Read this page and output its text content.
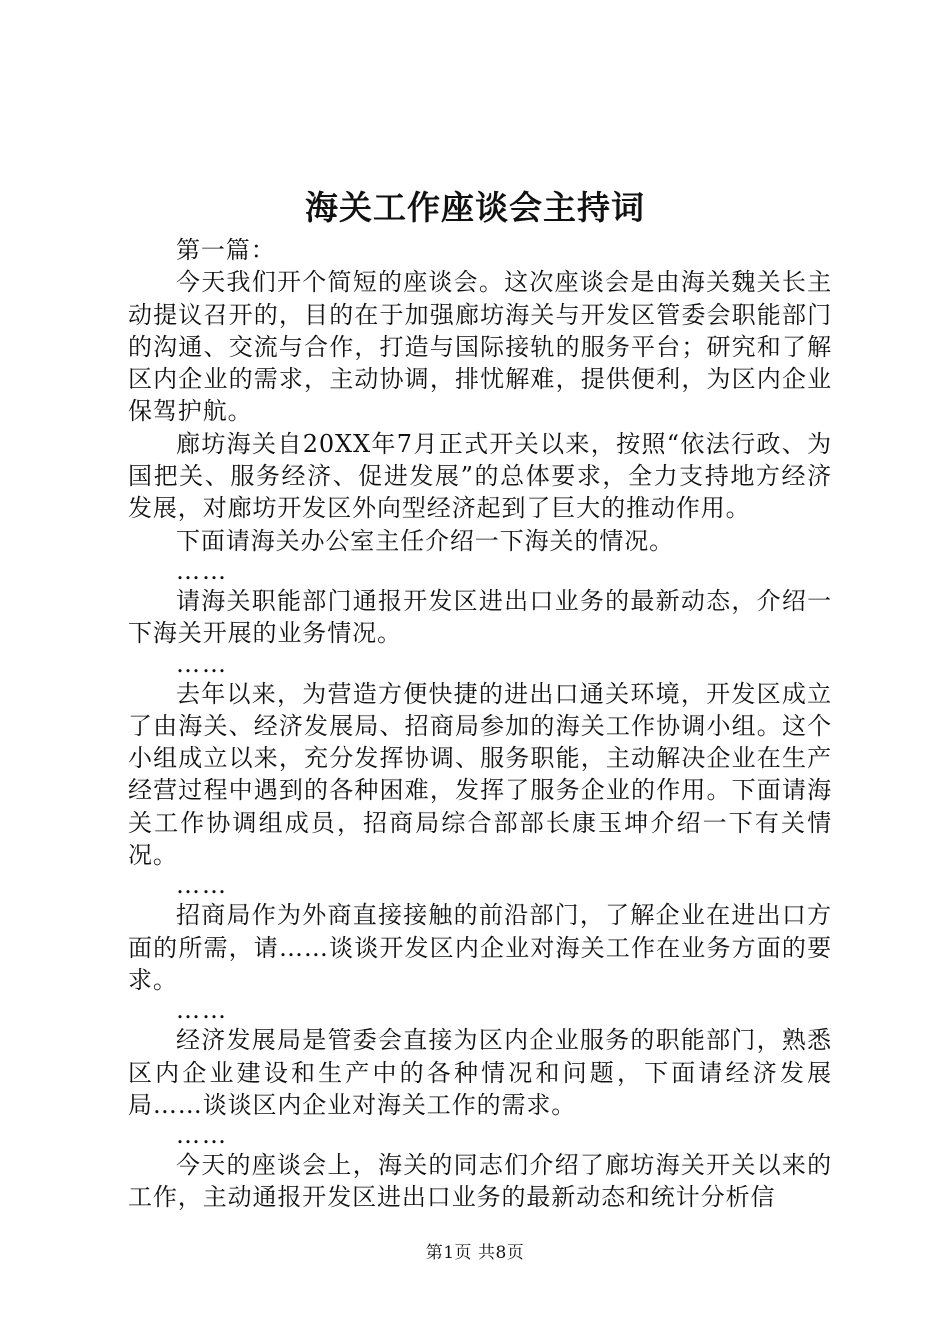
海关工作座谈会主持词

第一篇：

今天我们开个简短的座谈会。这次座谈会是由海关魏关长主动提议召开的，目的在于加强廊坊海关与开发区管委会职能部门的沟通、交流与合作，打造与国际接轨的服务平台；研究和了解区内企业的需求，主动协调，排忧解难，提供便利，为区内企业保驾护航。

廊坊海关自20XX年7月正式开关以来，按照“依法行政、为国把关、服务经济、促进发展”的总体要求，全力支持地方经济发展，对廊坊开发区外向型经济起到了巨大的推动作用。

下面请海关办公室主任介绍一下海关的情况。

……

请海关职能部门通报开发区进出口业务的最新动态，介绍一下海关开展的业务情况。

……

去年以来，为营造方便快捷的进出口通关环境，开发区成立了由海关、经济发展局、招商局参加的海关工作协调小组。这个小组成立以来，充分发挥协调、服务职能，主动解决企业在生产经营过程中遇到的各种困难，发挥了服务企业的作用。下面请海关工作协调组成员，招商局综合部部长康玉坤介绍一下有关情况。

……

招商局作为外商直接接触的前沿部门，了解企业在进出口方面的所需，请……谈谈开发区内企业对海关工作在业务方面的要求。

……

经济发展局是管委会直接为区内企业服务的职能部门，熟悉区内企业建设和生产中的各种情况和问题，下面请经济发展局……谈谈区内企业对海关工作的需求。

……

今天的座谈会上，海关的同志们介绍了廊坊海关开关以来的工作，主动通报开发区进出口业务的最新动态和统计分析信

第1页 共8页
